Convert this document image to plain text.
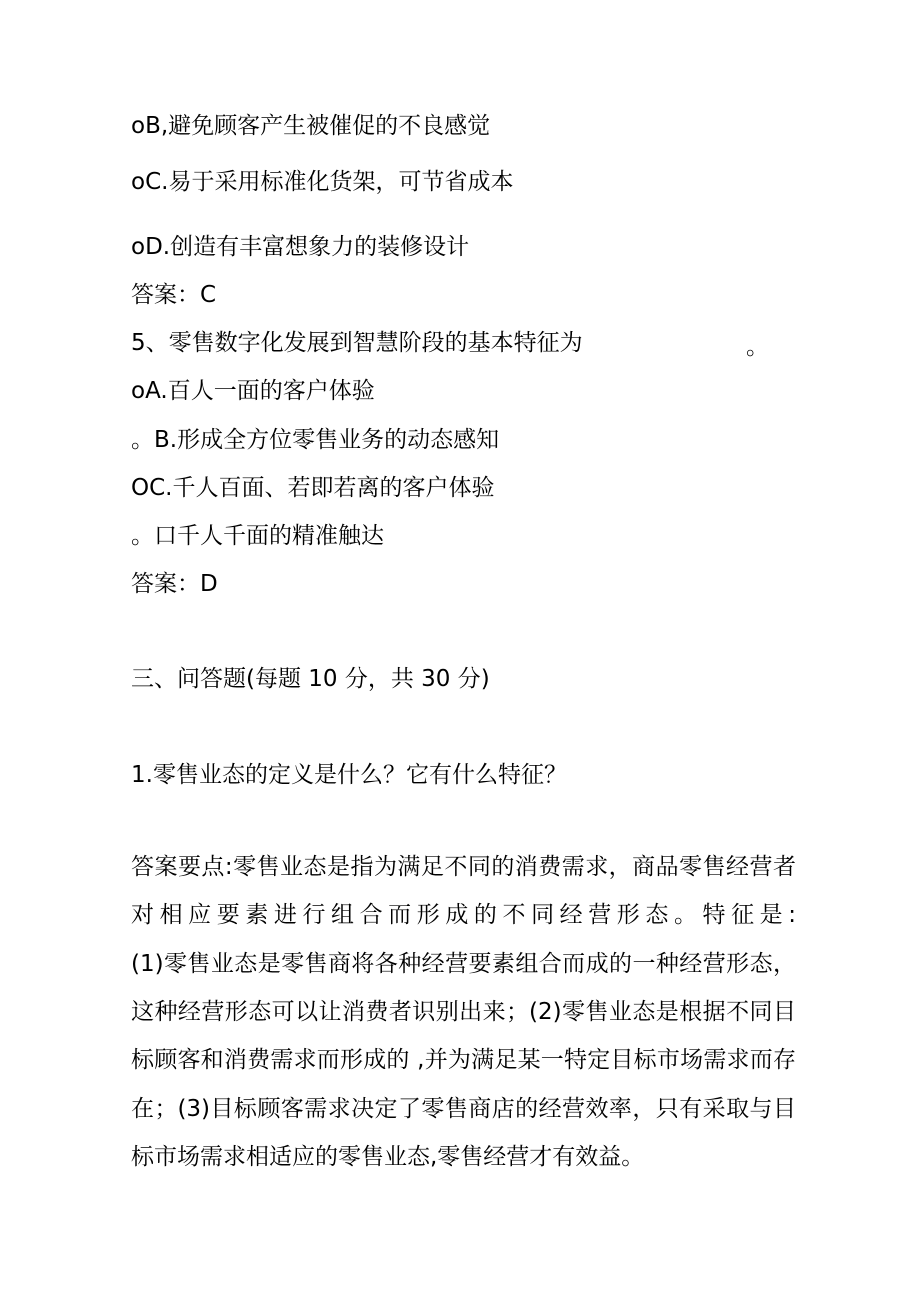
oB,避免顾客产生被催促的不良感觉
oC.易于采用标准化货架，可节省成本
oD.创造有丰富想象力的装修设计
答案：C
5、零售数字化发展到智慧阶段的基本特征为	。
oA.百人一面的客户体验
。B.形成全方位零售业务的动态感知
OC.千人百面、若即若离的客户体验
。口千人千面的精准触达
答案：D
三、问答题(每题 10 分，共 30 分)
1.零售业态的定义是什么？它有什么特征？
答案要点:零售业态是指为满足不同的消费需求，商品零售经营者
对相应要素进行组合而形成的不同经营形态。特征是:
(1)零售业态是零售商将各种经营要素组合而成的一种经营形态，
这种经营形态可以让消费者识别出来；(2)零售业态是根据不同目
标顾客和消费需求而形成的 ,并为满足某一特定目标市场需求而存
在；(3)目标顾客需求决定了零售商店的经营效率，只有采取与目
标市场需求相适应的零售业态,零售经营才有效益。
